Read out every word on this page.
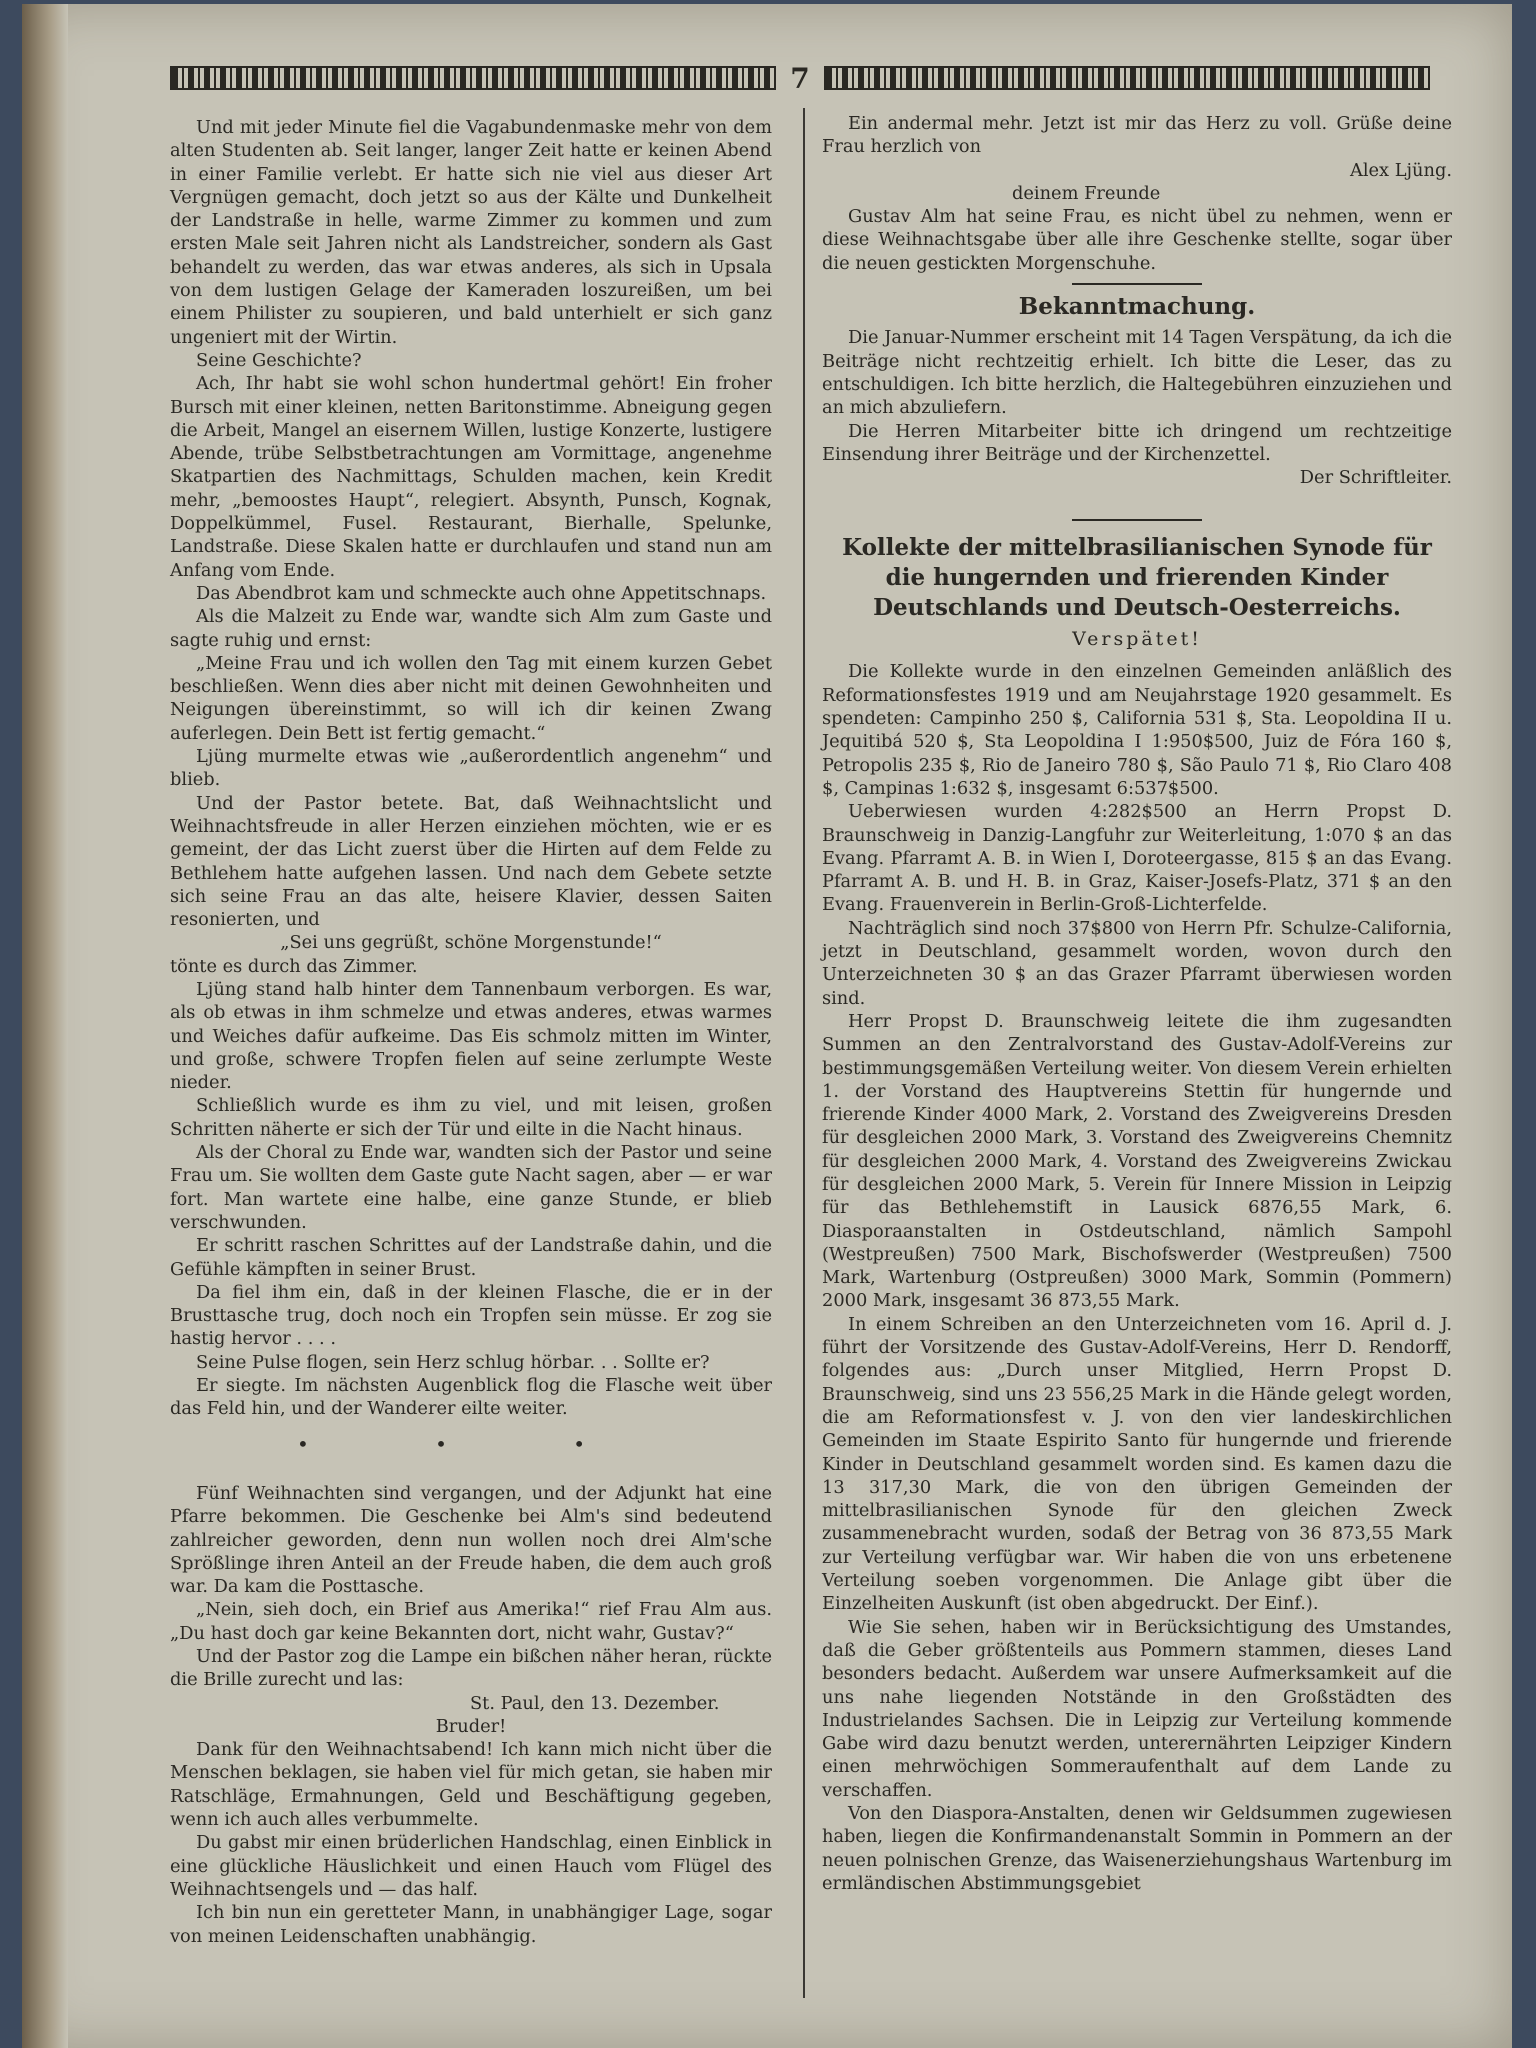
7

Und mit jeder Minute fiel die Vagabundenmaske mehr von dem alten Studenten ab. Seit langer, langer Zeit hatte er keinen Abend in einer Familie verlebt. Er hatte sich nie viel aus dieser Art Vergnügen gemacht, doch jetzt so aus der Kälte und Dunkelheit der Landstraße in helle, warme Zimmer zu kommen und zum ersten Male seit Jahren nicht als Landstreicher, sondern als Gast behandelt zu werden, das war etwas anderes, als sich in Upsala von dem lustigen Gelage der Kameraden loszureißen, um bei einem Philister zu soupieren, und bald unterhielt er sich ganz ungeniert mit der Wirtin.

Seine Geschichte?

Ach, Ihr habt sie wohl schon hundertmal gehört! Ein froher Bursch mit einer kleinen, netten Baritonstimme. Abneigung gegen die Arbeit, Mangel an eisernem Willen, lustige Konzerte, lustigere Abende, trübe Selbstbetrachtungen am Vormittage, angenehme Skatpartien des Nachmittags, Schulden machen, kein Kredit mehr, „bemoostes Haupt“, relegiert. Absynth, Punsch, Kognak, Doppelkümmel, Fusel. Restaurant, Bierhalle, Spelunke, Landstraße. Diese Skalen hatte er durchlaufen und stand nun am Anfang vom Ende.

Das Abendbrot kam und schmeckte auch ohne Appetitschnaps.

Als die Malzeit zu Ende war, wandte sich Alm zum Gaste und sagte ruhig und ernst:

„Meine Frau und ich wollen den Tag mit einem kurzen Gebet beschließen. Wenn dies aber nicht mit deinen Gewohnheiten und Neigungen übereinstimmt, so will ich dir keinen Zwang auferlegen. Dein Bett ist fertig gemacht.“

Ljüng murmelte etwas wie „außerordentlich angenehm“ und blieb.

Und der Pastor betete. Bat, daß Weihnachtslicht und Weihnachtsfreude in aller Herzen einziehen möchten, wie er es gemeint, der das Licht zuerst über die Hirten auf dem Felde zu Bethlehem hatte aufgehen lassen. Und nach dem Gebete setzte sich seine Frau an das alte, heisere Klavier, dessen Saiten resonierten, und

„Sei uns gegrüßt, schöne Morgenstunde!“

tönte es durch das Zimmer.

Ljüng stand halb hinter dem Tannenbaum verborgen. Es war, als ob etwas in ihm schmelze und etwas anderes, etwas warmes und Weiches dafür aufkeime. Das Eis schmolz mitten im Winter, und große, schwere Tropfen fielen auf seine zerlumpte Weste nieder.

Schließlich wurde es ihm zu viel, und mit leisen, großen Schritten näherte er sich der Tür und eilte in die Nacht hinaus.

Als der Choral zu Ende war, wandten sich der Pastor und seine Frau um. Sie wollten dem Gaste gute Nacht sagen, aber — er war fort. Man wartete eine halbe, eine ganze Stunde, er blieb verschwunden.

Er schritt raschen Schrittes auf der Landstraße dahin, und die Gefühle kämpften in seiner Brust.

Da fiel ihm ein, daß in der kleinen Flasche, die er in der Brusttasche trug, doch noch ein Tropfen sein müsse. Er zog sie hastig hervor . . . .

Seine Pulse flogen, sein Herz schlug hörbar. . . Sollte er?

Er siegte. Im nächsten Augenblick flog die Flasche weit über das Feld hin, und der Wanderer eilte weiter.

• • •

Fünf Weihnachten sind vergangen, und der Adjunkt hat eine Pfarre bekommen. Die Geschenke bei Alm's sind bedeutend zahlreicher geworden, denn nun wollen noch drei Alm'sche Sprößlinge ihren Anteil an der Freude haben, die dem auch groß war. Da kam die Posttasche.

„Nein, sieh doch, ein Brief aus Amerika!“ rief Frau Alm aus. „Du hast doch gar keine Bekannten dort, nicht wahr, Gustav?“

Und der Pastor zog die Lampe ein bißchen näher heran, rückte die Brille zurecht und las:

St. Paul, den 13. Dezember.

Bruder!

Dank für den Weihnachtsabend! Ich kann mich nicht über die Menschen beklagen, sie haben viel für mich getan, sie haben mir Ratschläge, Ermahnungen, Geld und Beschäftigung gegeben, wenn ich auch alles verbummelte.

Du gabst mir einen brüderlichen Handschlag, einen Einblick in eine glückliche Häuslichkeit und einen Hauch vom Flügel des Weihnachtsengels und — das half.

Ich bin nun ein geretteter Mann, in unabhängiger Lage, sogar von meinen Leidenschaften unabhängig.

Ein andermal mehr. Jetzt ist mir das Herz zu voll. Grüße deine Frau herzlich von

Alex Ljüng.

deinem Freunde

Gustav Alm hat seine Frau, es nicht übel zu nehmen, wenn er diese Weihnachtsgabe über alle ihre Geschenke stellte, sogar über die neuen gestickten Morgenschuhe.

Bekanntmachung.

Die Januar-Nummer erscheint mit 14 Tagen Verspätung, da ich die Beiträge nicht rechtzeitig erhielt. Ich bitte die Leser, das zu entschuldigen. Ich bitte herzlich, die Haltegebühren einzuziehen und an mich abzuliefern.

Die Herren Mitarbeiter bitte ich dringend um rechtzeitige Einsendung ihrer Beiträge und der Kirchenzettel.

Der Schriftleiter.

Kollekte der mittelbrasilianischen Synode für die hungernden und frierenden Kinder Deutschlands und Deutsch-Oesterreichs. Verspätet!

Die Kollekte wurde in den einzelnen Gemeinden anläßlich des Reformationsfestes 1919 und am Neujahrstage 1920 gesammelt. Es spendeten: Campinho 250 $, California 531 $, Sta. Leopoldina II u. Jequitibá 520 $, Sta Leopoldina I 1:950$500, Juiz de Fóra 160 $, Petropolis 235 $, Rio de Janeiro 780 $, São Paulo 71 $, Rio Claro 408 $, Campinas 1:632 $, insgesamt 6:537$500.

Ueberwiesen wurden 4:282$500 an Herrn Propst D. Braunschweig in Danzig-Langfuhr zur Weiterleitung, 1:070 $ an das Evang. Pfarramt A. B. in Wien I, Doroteergasse, 815 $ an das Evang. Pfarramt A. B. und H. B. in Graz, Kaiser-Josefs-Platz, 371 $ an den Evang. Frauenverein in Berlin-Groß-Lichterfelde.

Nachträglich sind noch 37$800 von Herrn Pfr. Schulze-California, jetzt in Deutschland, gesammelt worden, wovon durch den Unterzeichneten 30 $ an das Grazer Pfarramt überwiesen worden sind.

Herr Propst D. Braunschweig leitete die ihm zugesandten Summen an den Zentralvorstand des Gustav-Adolf-Vereins zur bestimmungsgemäßen Verteilung weiter. Von diesem Verein erhielten 1. der Vorstand des Hauptvereins Stettin für hungernde und frierende Kinder 4000 Mark, 2. Vorstand des Zweigvereins Dresden für desgleichen 2000 Mark, 3. Vorstand des Zweigvereins Chemnitz für desgleichen 2000 Mark, 4. Vorstand des Zweigvereins Zwickau für desgleichen 2000 Mark, 5. Verein für Innere Mission in Leipzig für das Bethlehemstift in Lausick 6876,55 Mark, 6. Diasporaanstalten in Ostdeutschland, nämlich Sampohl (Westpreußen) 7500 Mark, Bischofswerder (Westpreußen) 7500 Mark, Wartenburg (Ostpreußen) 3000 Mark, Sommin (Pommern) 2000 Mark, insgesamt 36 873,55 Mark.

In einem Schreiben an den Unterzeichneten vom 16. April d. J. führt der Vorsitzende des Gustav-Adolf-Vereins, Herr D. Rendorff, folgendes aus: „Durch unser Mitglied, Herrn Propst D. Braunschweig, sind uns 23 556,25 Mark in die Hände gelegt worden, die am Reformationsfest v. J. von den vier landeskirchlichen Gemeinden im Staate Espirito Santo für hungernde und frierende Kinder in Deutschland gesammelt worden sind. Es kamen dazu die 13 317,30 Mark, die von den übrigen Gemeinden der mittelbrasilianischen Synode für den gleichen Zweck zusammenebracht wurden, sodaß der Betrag von 36 873,55 Mark zur Verteilung verfügbar war. Wir haben die von uns erbetenene Verteilung soeben vorgenommen. Die Anlage gibt über die Einzelheiten Auskunft (ist oben abgedruckt. Der Einf.).

Wie Sie sehen, haben wir in Berücksichtigung des Umstandes, daß die Geber größtenteils aus Pommern stammen, dieses Land besonders bedacht. Außerdem war unsere Aufmerksamkeit auf die uns nahe liegenden Notstände in den Großstädten des Industrielandes Sachsen. Die in Leipzig zur Verteilung kommende Gabe wird dazu benutzt werden, unterernährten Leipziger Kindern einen mehrwöchigen Sommeraufenthalt auf dem Lande zu verschaffen.

Von den Diaspora-Anstalten, denen wir Geldsummen zugewiesen haben, liegen die Konfirmandenanstalt Sommin in Pommern an der neuen polnischen Grenze, das Waisenerziehungshaus Wartenburg im ermländischen Abstimmungsgebiet
